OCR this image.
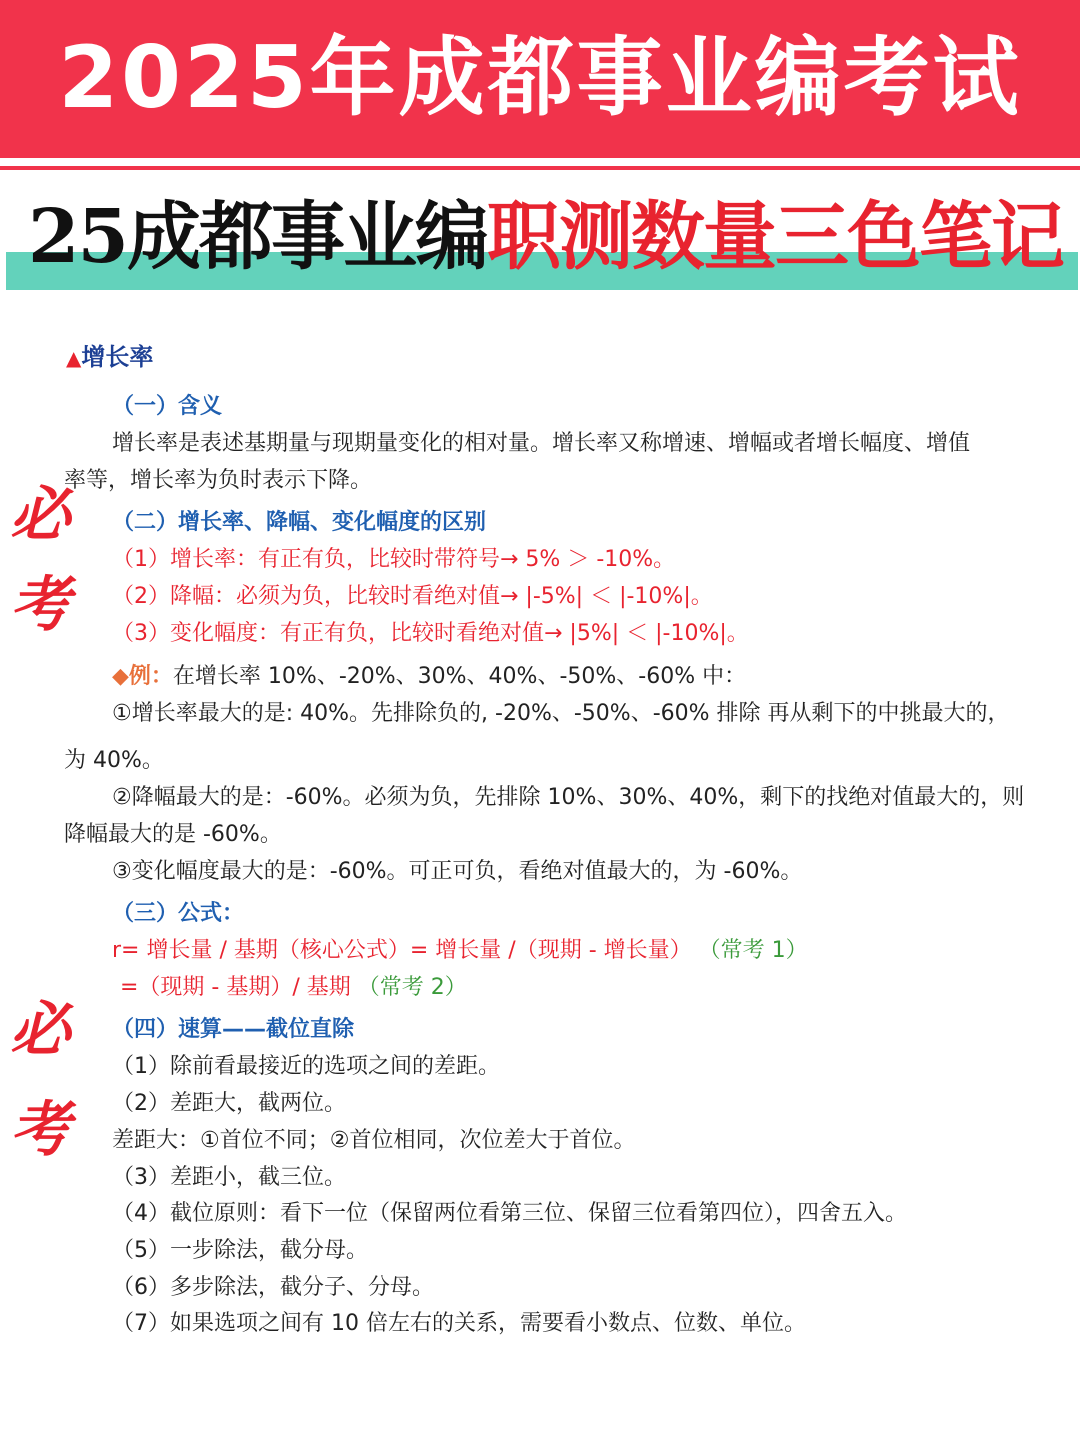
2025年成都事业编考试
25成都事业编职测数量三色笔记
必
考
必
考
▲增长率
（一）含义
增长率是表述基期量与现期量变化的相对量。增长率又称增速、增幅或者增长幅度、增值
率等，增长率为负时表示下降。
（二）增长率、降幅、变化幅度的区别
（1）增长率：有正有负，比较时带符号→ 5% ＞ -10%。
（2）降幅：必须为负，比较时看绝对值→ |-5%| ＜ |-10%|。
（3）变化幅度：有正有负，比较时看绝对值→ |5%| ＜ |-10%|。
◆例：在增长率 10%、-20%、30%、40%、-50%、-60% 中：
①增长率最大的是: 40%。先排除负的, -20%、-50%、-60% 排除 再从剩下的中挑最大的，
为 40%。
②降幅最大的是：-60%。必须为负，先排除 10%、30%、40%，剩下的找绝对值最大的，则
降幅最大的是 -60%。
③变化幅度最大的是：-60%。可正可负，看绝对值最大的，为 -60%。
（三）公式：
r= 增长量 / 基期（核心公式）= 增长量 /（现期 - 增长量） （常考 1）
=（现期 - 基期）/ 基期 （常考 2）
（四）速算——截位直除
（1）除前看最接近的选项之间的差距。
（2）差距大，截两位。
差距大：①首位不同；②首位相同，次位差大于首位。
（3）差距小，截三位。
（4）截位原则：看下一位（保留两位看第三位、保留三位看第四位），四舍五入。
（5）一步除法，截分母。
（6）多步除法，截分子、分母。
（7）如果选项之间有 10 倍左右的关系，需要看小数点、位数、单位。
